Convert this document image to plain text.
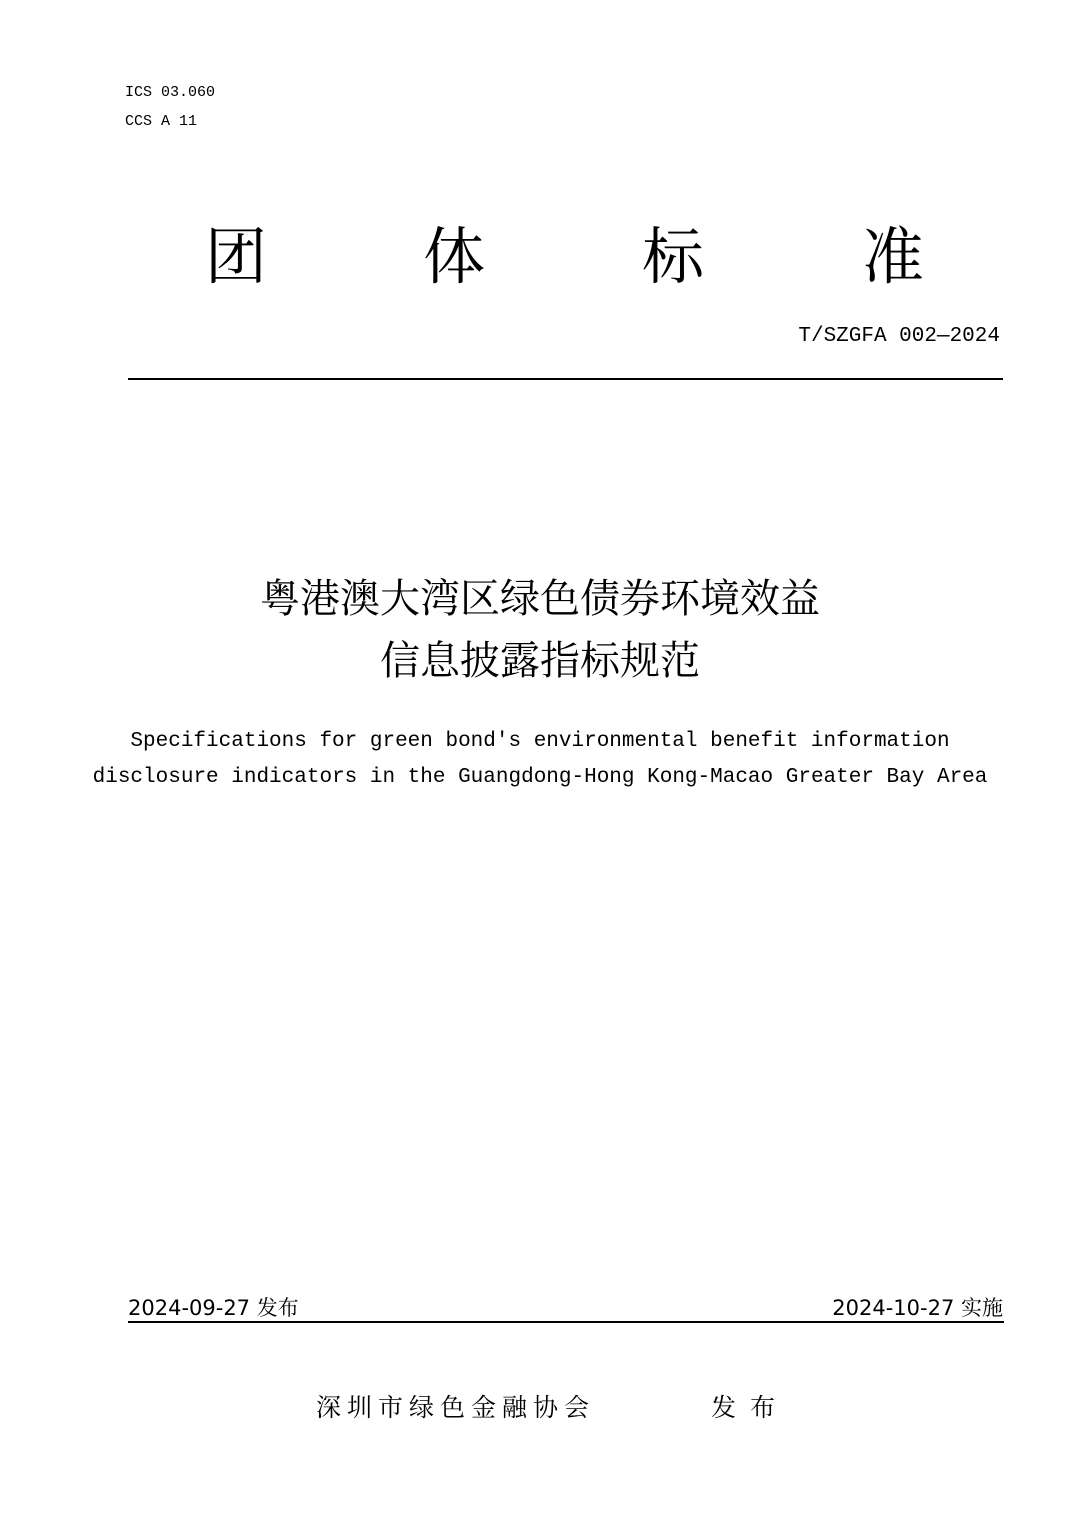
ICS 03.060
CCS A 11
团	体	标	准
T/SZGFA 002—2024
粤港澳大湾区绿色债券环境效益
信息披露指标规范
Specifications for green bond's environmental benefit information
disclosure indicators in the Guangdong-Hong Kong-Macao Greater Bay Area
2024-09-27 发布	2024-10-27 实施
深圳市绿色金融协会	发布
